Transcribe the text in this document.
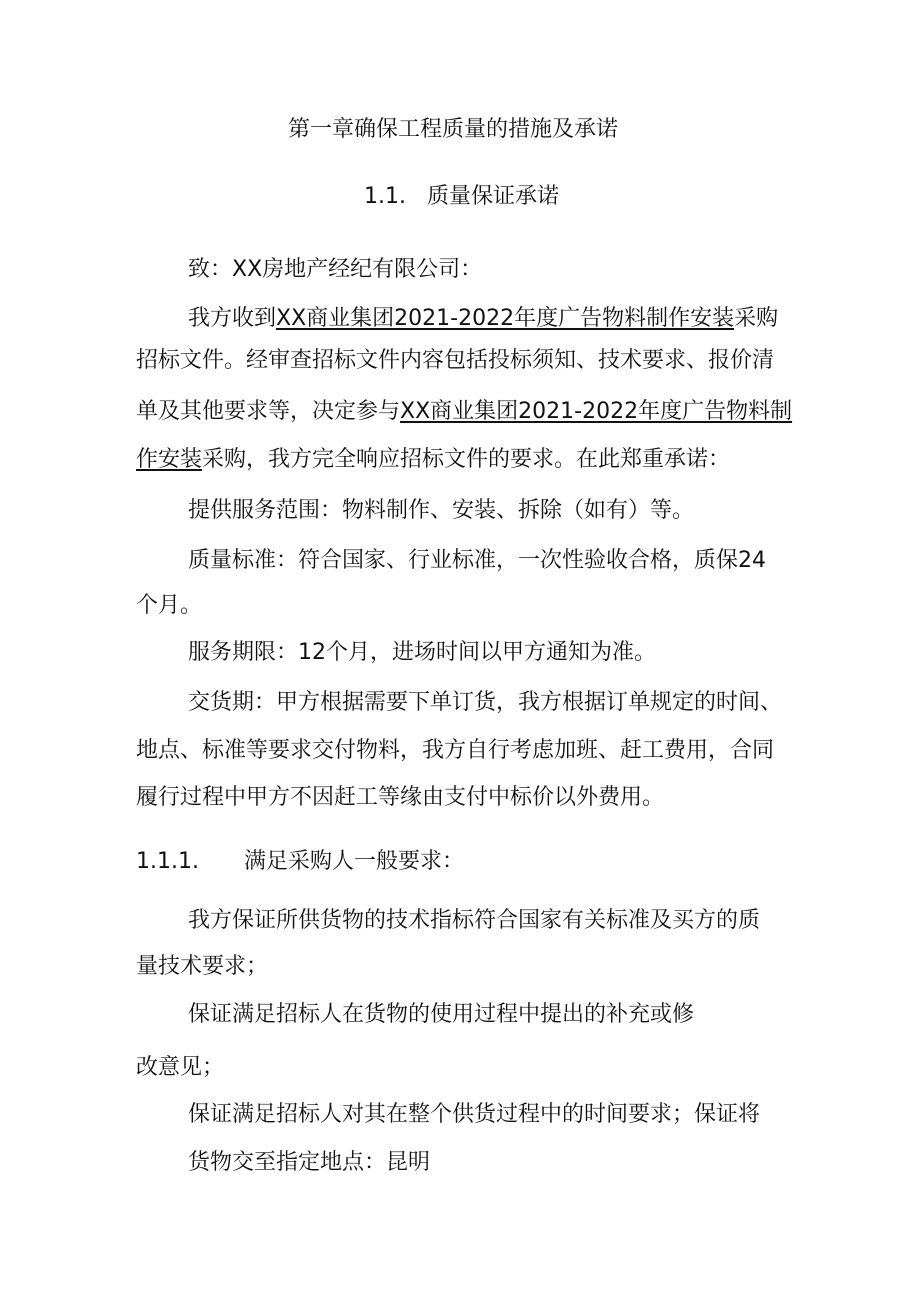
第一章确保工程质量的措施及承诺
1.1. 质量保证承诺
致：XX房地产经纪有限公司：
我方收到XX商业集团2021-2022年度广告物料制作安装采购
招标文件。经审查招标文件内容包括投标须知、技术要求、报价清
单及其他要求等，决定参与XX商业集团2021-2022年度广告物料制
作安装采购，我方完全响应招标文件的要求。在此郑重承诺：
提供服务范围：物料制作、安装、拆除（如有）等。
质量标准：符合国家、行业标准，一次性验收合格，质保24
个月。
服务期限：12个月，进场时间以甲方通知为准。
交货期：甲方根据需要下单订货，我方根据订单规定的时间、
地点、标准等要求交付物料，我方自行考虑加班、赶工费用，合同
履行过程中甲方不因赶工等缘由支付中标价以外费用。
1.1.1. 满足采购人一般要求：
我方保证所供货物的技术指标符合国家有关标准及买方的质
量技术要求；
保证满足招标人在货物的使用过程中提出的补充或修
改意见；
保证满足招标人对其在整个供货过程中的时间要求；保证将
货物交至指定地点：昆明
